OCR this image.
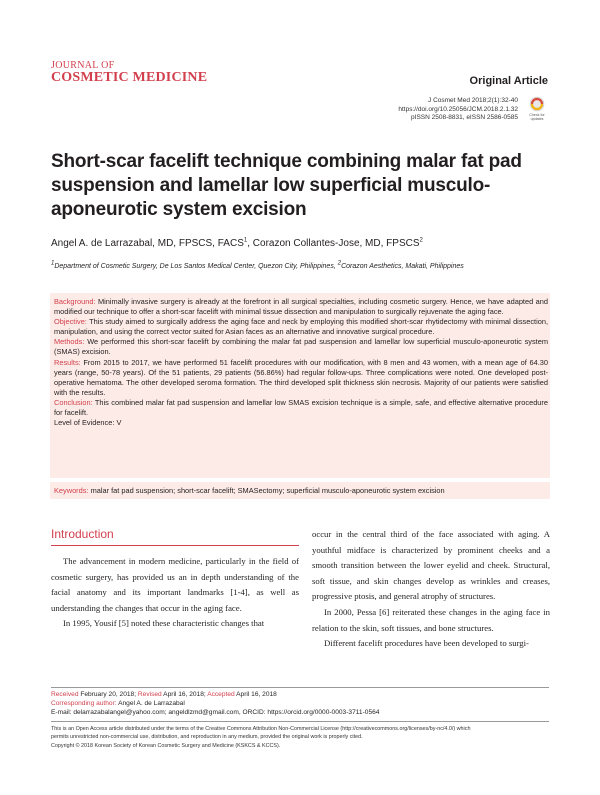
JOURNAL OF
COSMETIC MEDICINE	Original Article
J Cosmet Med 2018;2(1):32-40
https://doi.org/10.25056/JCM.2018.2.1.32
pISSN 2508-8831, eISSN 2586-0585	Check for
updates
Short-scar facelift technique combining malar fat pad suspension and lamellar low superficial musculo-aponeurotic system excision
Angel A. de Larrazabal, MD, FPSCS, FACS$^1$, Corazon Collantes-Jose, MD, FPSCS$^2$
$^1$Department of Cosmetic Surgery, De Los Santos Medical Center, Quezon City, Philippines, $^2$Corazon Aesthetics, Makati, Philippines

Background: Minimally invasive surgery is already at the forefront in all surgical specialties, including cosmetic surgery. Hence, we have adapted and modified our technique to offer a short-scar facelift with minimal tissue dissection and manipulation to surgically rejuvenate the aging face.

Objective: This study aimed to surgically address the aging face and neck by employing this modified short-scar rhytidectomy with minimal dissection, manipulation, and using the correct vector suited for Asian faces as an alternative and innovative surgical procedure.

Methods: We performed this short-scar facelift by combining the malar fat pad suspension and lamellar low superficial musculo-aponeurotic system (SMAS) excision.

Results: From 2015 to 2017, we have performed 51 facelift procedures with our modification, with 8 men and 43 women, with a mean age of 64.30 years (range, 50-78 years). Of the 51 patients, 29 patients (56.86%) had regular follow-ups. Three complications were noted. One developed post-operative hematoma. The other developed seroma formation. The third developed split thickness skin necrosis. Majority of our patients were satisfied with the results.

Conclusion: This combined malar fat pad suspension and lamellar low SMAS excision technique is a simple, safe, and effective alternative procedure for facelift.

Level of Evidence: V

Keywords: malar fat pad suspension; short-scar facelift; SMASectomy; superficial musculo-aponeurotic system excision
Introduction

The advancement in modern medicine, particularly in the field of cosmetic surgery, has provided us an in depth understanding of the facial anatomy and its important landmarks [1-4], as well as understanding the changes that occur in the aging face.

In 1995, Yousif [5] noted these characteristic changes that

occur in the central third of the face associated with aging. A youthful midface is characterized by prominent cheeks and a smooth transition between the lower eyelid and cheek. Structural, soft tissue, and skin changes develop as wrinkles and creases, progressive ptosis, and general atrophy of structures.

In 2000, Pessa [6] reiterated these changes in the aging face in relation to the skin, soft tissues, and bone structures.

Different facelift procedures have been developed to surgi-

Received February 20, 2018; Revised April 16, 2018; Accepted April 16, 2018
Corresponding author: Angel A. de Larrazabal
E-mail: delarrazabalangel@yahoo.com; angeldlzmd@gmail.com, ORCID: https://orcid.org/0000-0003-3711-0564
This is an Open Access article distributed under the terms of the Creative Commons Attribution Non-Commercial License (http://creativecommons.org/licenses/by-nc/4.0/) which
permits unrestricted non-commercial use, distribution, and reproduction in any medium, provided the original work is properly cited.
Copyright © 2018 Korean Society of Korean Cosmetic Surgery and Medicine (KSKCS & KCCS).
